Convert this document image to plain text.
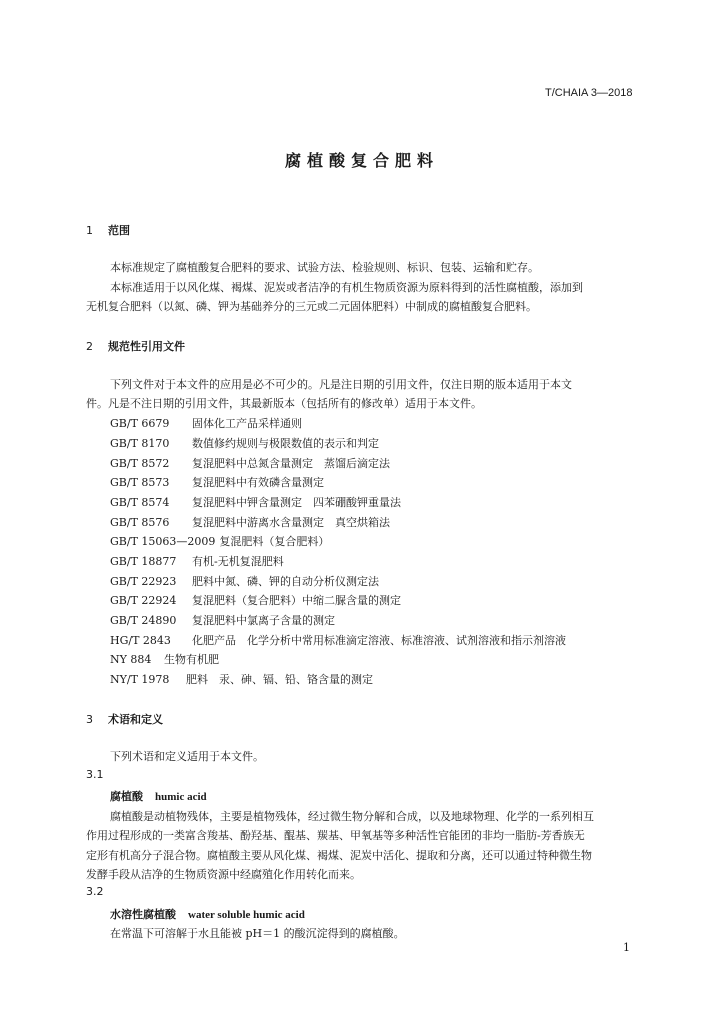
T/CHAIA 3—2018
腐植酸复合肥料
1 范围
本标准规定了腐植酸复合肥料的要求、试验方法、检验规则、标识、包装、运输和贮存。
本标准适用于以风化煤、褐煤、泥炭或者洁净的有机生物质资源为原料得到的活性腐植酸，添加到
无机复合肥料（以氮、磷、钾为基础养分的三元或二元固体肥料）中制成的腐植酸复合肥料。
2 规范性引用文件
下列文件对于本文件的应用是必不可少的。凡是注日期的引用文件，仅注日期的版本适用于本文
件。凡是不注日期的引用文件，其最新版本（包括所有的修改单）适用于本文件。
GB/T 6679 固体化工产品采样通则
GB/T 8170 数值修约规则与极限数值的表示和判定
GB/T 8572 复混肥料中总氮含量测定　蒸馏后滴定法
GB/T 8573 复混肥料中有效磷含量测定
GB/T 8574 复混肥料中钾含量测定　四苯硼酸钾重量法
GB/T 8576 复混肥料中游离水含量测定　真空烘箱法
GB/T 15063—2009 复混肥料（复合肥料）
GB/T 18877 有机-无机复混肥料
GB/T 22923 肥料中氮、磷、钾的自动分析仪测定法
GB/T 22924 复混肥料（复合肥料）中缩二脲含量的测定
GB/T 24890 复混肥料中氯离子含量的测定
HG/T 2843 化肥产品　化学分析中常用标准滴定溶液、标准溶液、试剂溶液和指示剂溶液
NY 884 生物有机肥
NY/T 1978 肥料　汞、砷、镉、铅、铬含量的测定
3 术语和定义
下列术语和定义适用于本文件。
3.1
腐植酸 humic acid
腐植酸是动植物残体，主要是植物残体，经过微生物分解和合成，以及地球物理、化学的一系列相互
作用过程形成的一类富含羧基、酚羟基、醌基、羰基、甲氧基等多种活性官能团的非均一脂肪-芳香族无
定形有机高分子混合物。腐植酸主要从风化煤、褐煤、泥炭中活化、提取和分离，还可以通过特种微生物
发酵手段从洁净的生物质资源中经腐殖化作用转化而来。
3.2
水溶性腐植酸 water soluble humic acid
在常温下可溶解于水且能被 pH＝1 的酸沉淀得到的腐植酸。
1
